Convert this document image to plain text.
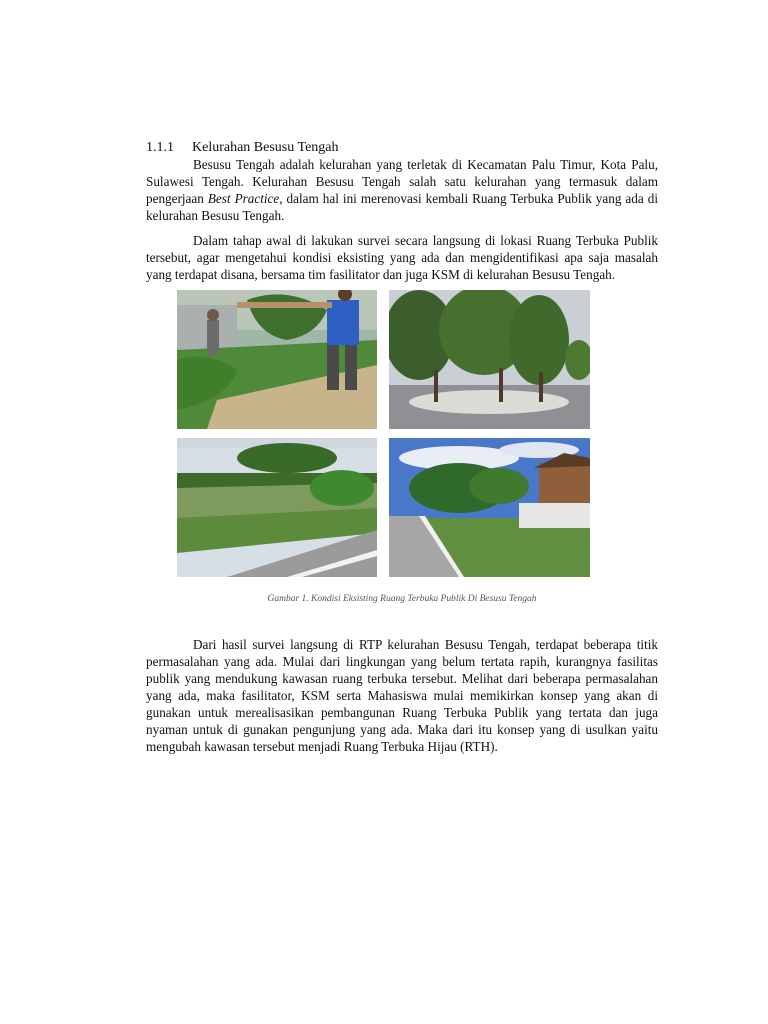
1.1.1 Kelurahan Besusu Tengah

Besusu Tengah adalah kelurahan yang terletak di Kecamatan Palu Timur, Kota Palu, Sulawesi Tengah. Kelurahan Besusu Tengah salah satu kelurahan yang termasuk dalam pengerjaan Best Practice, dalam hal ini merenovasi kembali Ruang Terbuka Publik yang ada di kelurahan Besusu Tengah.

Dalam tahap awal di lakukan survei secara langsung di lokasi Ruang Terbuka Publik tersebut, agar mengetahui kondisi eksisting yang ada dan mengidentifikasi apa saja masalah yang terdapat disana, bersama tim fasilitator dan juga KSM di kelurahan Besusu Tengah.

Gambar 1. Kondisi Eksisting Ruang Terbuka Publik Di Besusu Tengah

Dari hasil survei langsung di RTP kelurahan Besusu Tengah, terdapat beberapa titik permasalahan yang ada. Mulai dari lingkungan yang belum tertata rapih, kurangnya fasilitas publik yang mendukung kawasan ruang terbuka tersebut. Melihat dari beberapa permasalahan yang ada, maka fasilitator, KSM serta Mahasiswa mulai memikirkan konsep yang akan di gunakan untuk merealisasikan pembangunan Ruang Terbuka Publik yang tertata dan juga nyaman untuk di gunakan pengunjung yang ada. Maka dari itu konsep yang di usulkan yaitu mengubah kawasan tersebut menjadi Ruang Terbuka Hijau (RTH).
